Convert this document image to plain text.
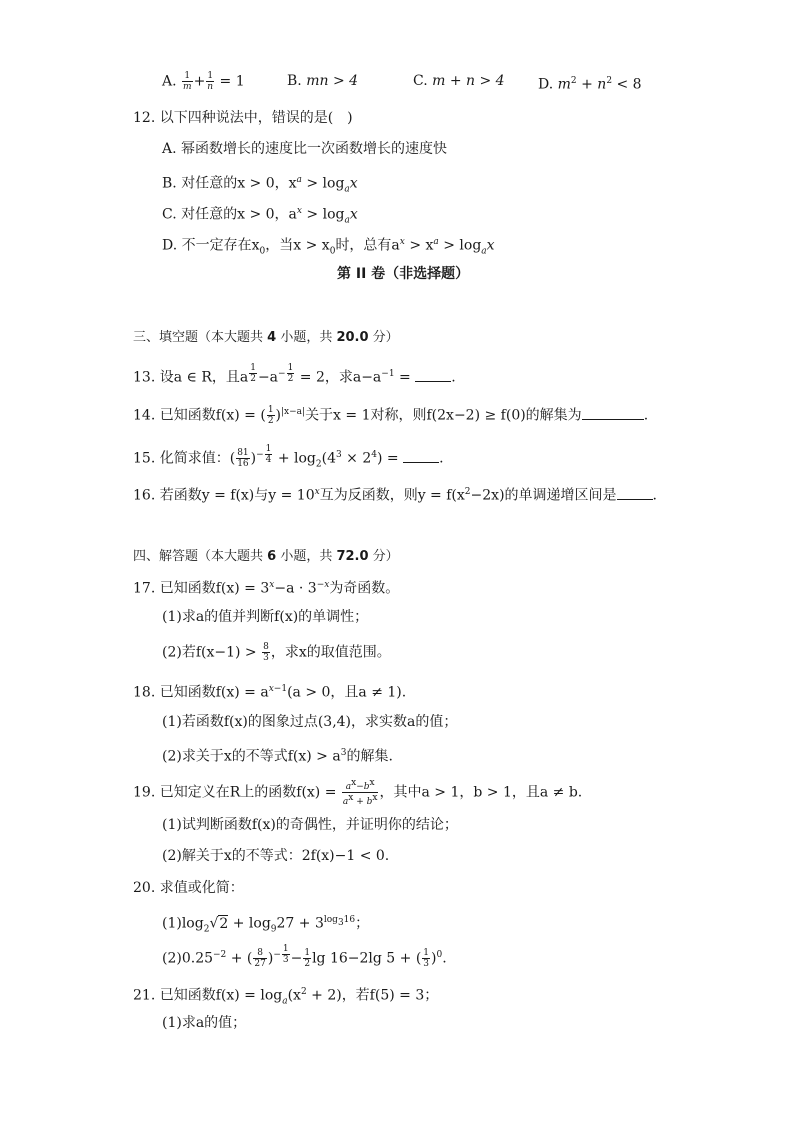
A. $\frac{1}{m} + \frac{1}{n} = 1$	B. mn > 4	C. m + n > 4 D. $m^2 + n^2 < 8$
12. 以下四种说法中，错误的是(　)
A. 幂函数增长的速度比一次函数增长的速度快
B. 对任意的x > 0，$x^a > \log_ax$
C. 对任意的x > 0，$a^x > \log_ax$
D. 不一定存在$x_0$，当$x > x_0$时，总有$a^x > x^a > \log_ax$
第 II 卷（非选择题）
三、填空题（本大题共 4 小题，共 20.0 分）
13. 设a ∈ R，且a $^{\frac{1}{2}} -a^{- \frac{1}{2}} = 2$，求$a-a^{-1}$ =	.
14. 已知函数f(x) = ( $\frac{1}{2} )^{|x-a|}$关于x = 1对称，则f(2x−2) ≥ f(0)的解集为	.
15. 化简求值：( $\frac{81}{16} )^{- \frac{1}{4}} + \log_2(4^3 \times 2^4)$ =	.
16. 若函数y = f(x)与$y = 10^x$互为反函数，则$y = f(x^2-2x)$的单调递增区间是	.
四、解答题（本大题共 6 小题，共 72.0 分）
17. 已知函数$f(x) = 3^x-a \cdot 3^{-x}$为奇函数。
(1)求a的值并判断f(x)的单调性；
(2)若$f(x-1) > \frac{8}{3}$ ，求x的取值范围。
18. 已知函数$f(x) = a^{x-1}(a > 0$，且a ≠ 1).
(1)若函数f(x)的图象过点(3,4)，求实数a的值；
(2)求关于x的不等式$f(x) > a^3$的解集.
19. 已知定义在R上的函数$f(x) = \frac{a^x-b^x}{a^x + b^x}$ ，其中a > 1，b > 1，且a ≠ b.
(1)试判断函数f(x)的奇偶性，并证明你的结论；
(2)解关于x的不等式：2f(x)−1 < 0.
20. 求值或化简：
$(1)\log_2√2 + \log_927 + 3^{log_316}$；
$(2)0.25^{-2}$ + ( $\frac{8}{27} )^{- \frac{1}{3}} - \frac{1}{2}$ lg 16−2lg 5 + ( $\frac{1}{3} )^0$.
21. 已知函数$f(x) = \log_a(x^2 + 2)$，若f(5) = 3；
(1)求a的值；
